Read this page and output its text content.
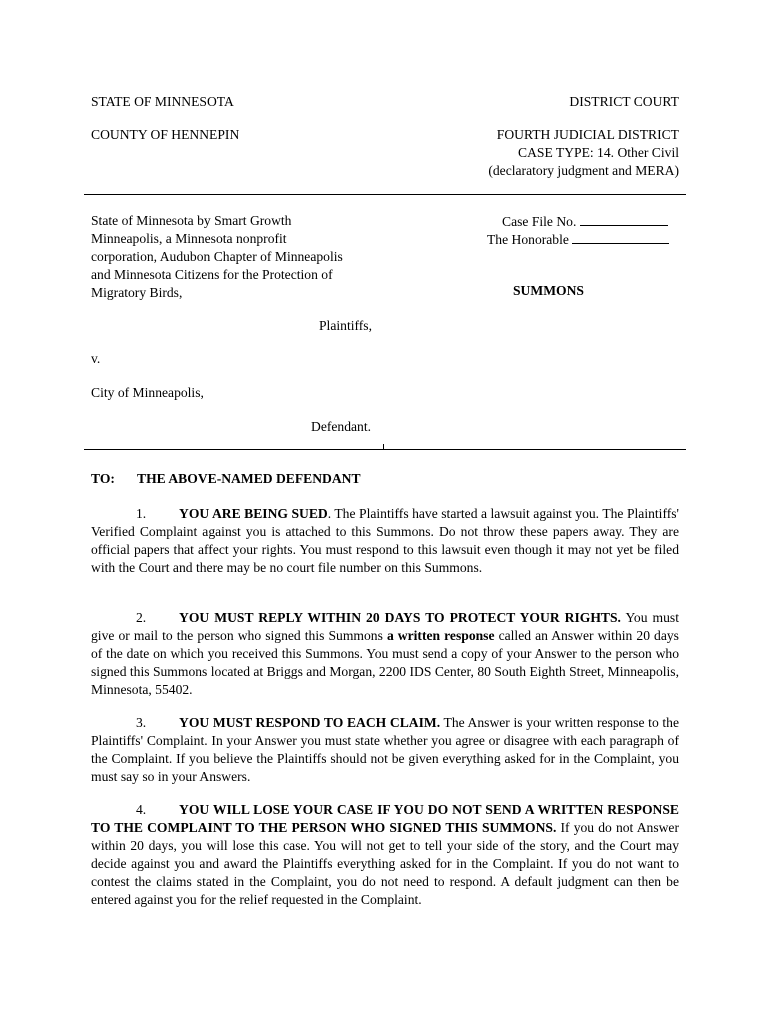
STATE OF MINNESOTA	DISTRICT COURT
COUNTY OF HENNEPIN	FOURTH JUDICIAL DISTRICT
CASE TYPE: 14. Other Civil
(declaratory judgment and MERA)
State of Minnesota by Smart Growth
Minneapolis, a Minnesota nonprofit
corporation, Audubon Chapter of Minneapolis
and Minnesota Citizens for the Protection of
Migratory Birds,
Case File No.
The Honorable
SUMMONS
Plaintiffs,
v.
City of Minneapolis,
Defendant.
TO: THE ABOVE-NAMED DEFENDANT
1. YOU ARE BEING SUED. The Plaintiffs have started a lawsuit against you. The Plaintiffs' Verified Complaint against you is attached to this Summons. Do not throw these papers away. They are official papers that affect your rights. You must respond to this lawsuit even though it may not yet be filed with the Court and there may be no court file number on this Summons.
2. YOU MUST REPLY WITHIN 20 DAYS TO PROTECT YOUR RIGHTS. You must give or mail to the person who signed this Summons a written response called an Answer within 20 days of the date on which you received this Summons. You must send a copy of your Answer to the person who signed this Summons located at Briggs and Morgan, 2200 IDS Center, 80 South Eighth Street, Minneapolis, Minnesota, 55402.
3. YOU MUST RESPOND TO EACH CLAIM. The Answer is your written response to the Plaintiffs' Complaint. In your Answer you must state whether you agree or disagree with each paragraph of the Complaint. If you believe the Plaintiffs should not be given everything asked for in the Complaint, you must say so in your Answers.
4. YOU WILL LOSE YOUR CASE IF YOU DO NOT SEND A WRITTEN RESPONSE TO THE COMPLAINT TO THE PERSON WHO SIGNED THIS SUMMONS. If you do not Answer within 20 days, you will lose this case. You will not get to tell your side of the story, and the Court may decide against you and award the Plaintiffs everything asked for in the Complaint. If you do not want to contest the claims stated in the Complaint, you do not need to respond. A default judgment can then be entered against you for the relief requested in the Complaint.
